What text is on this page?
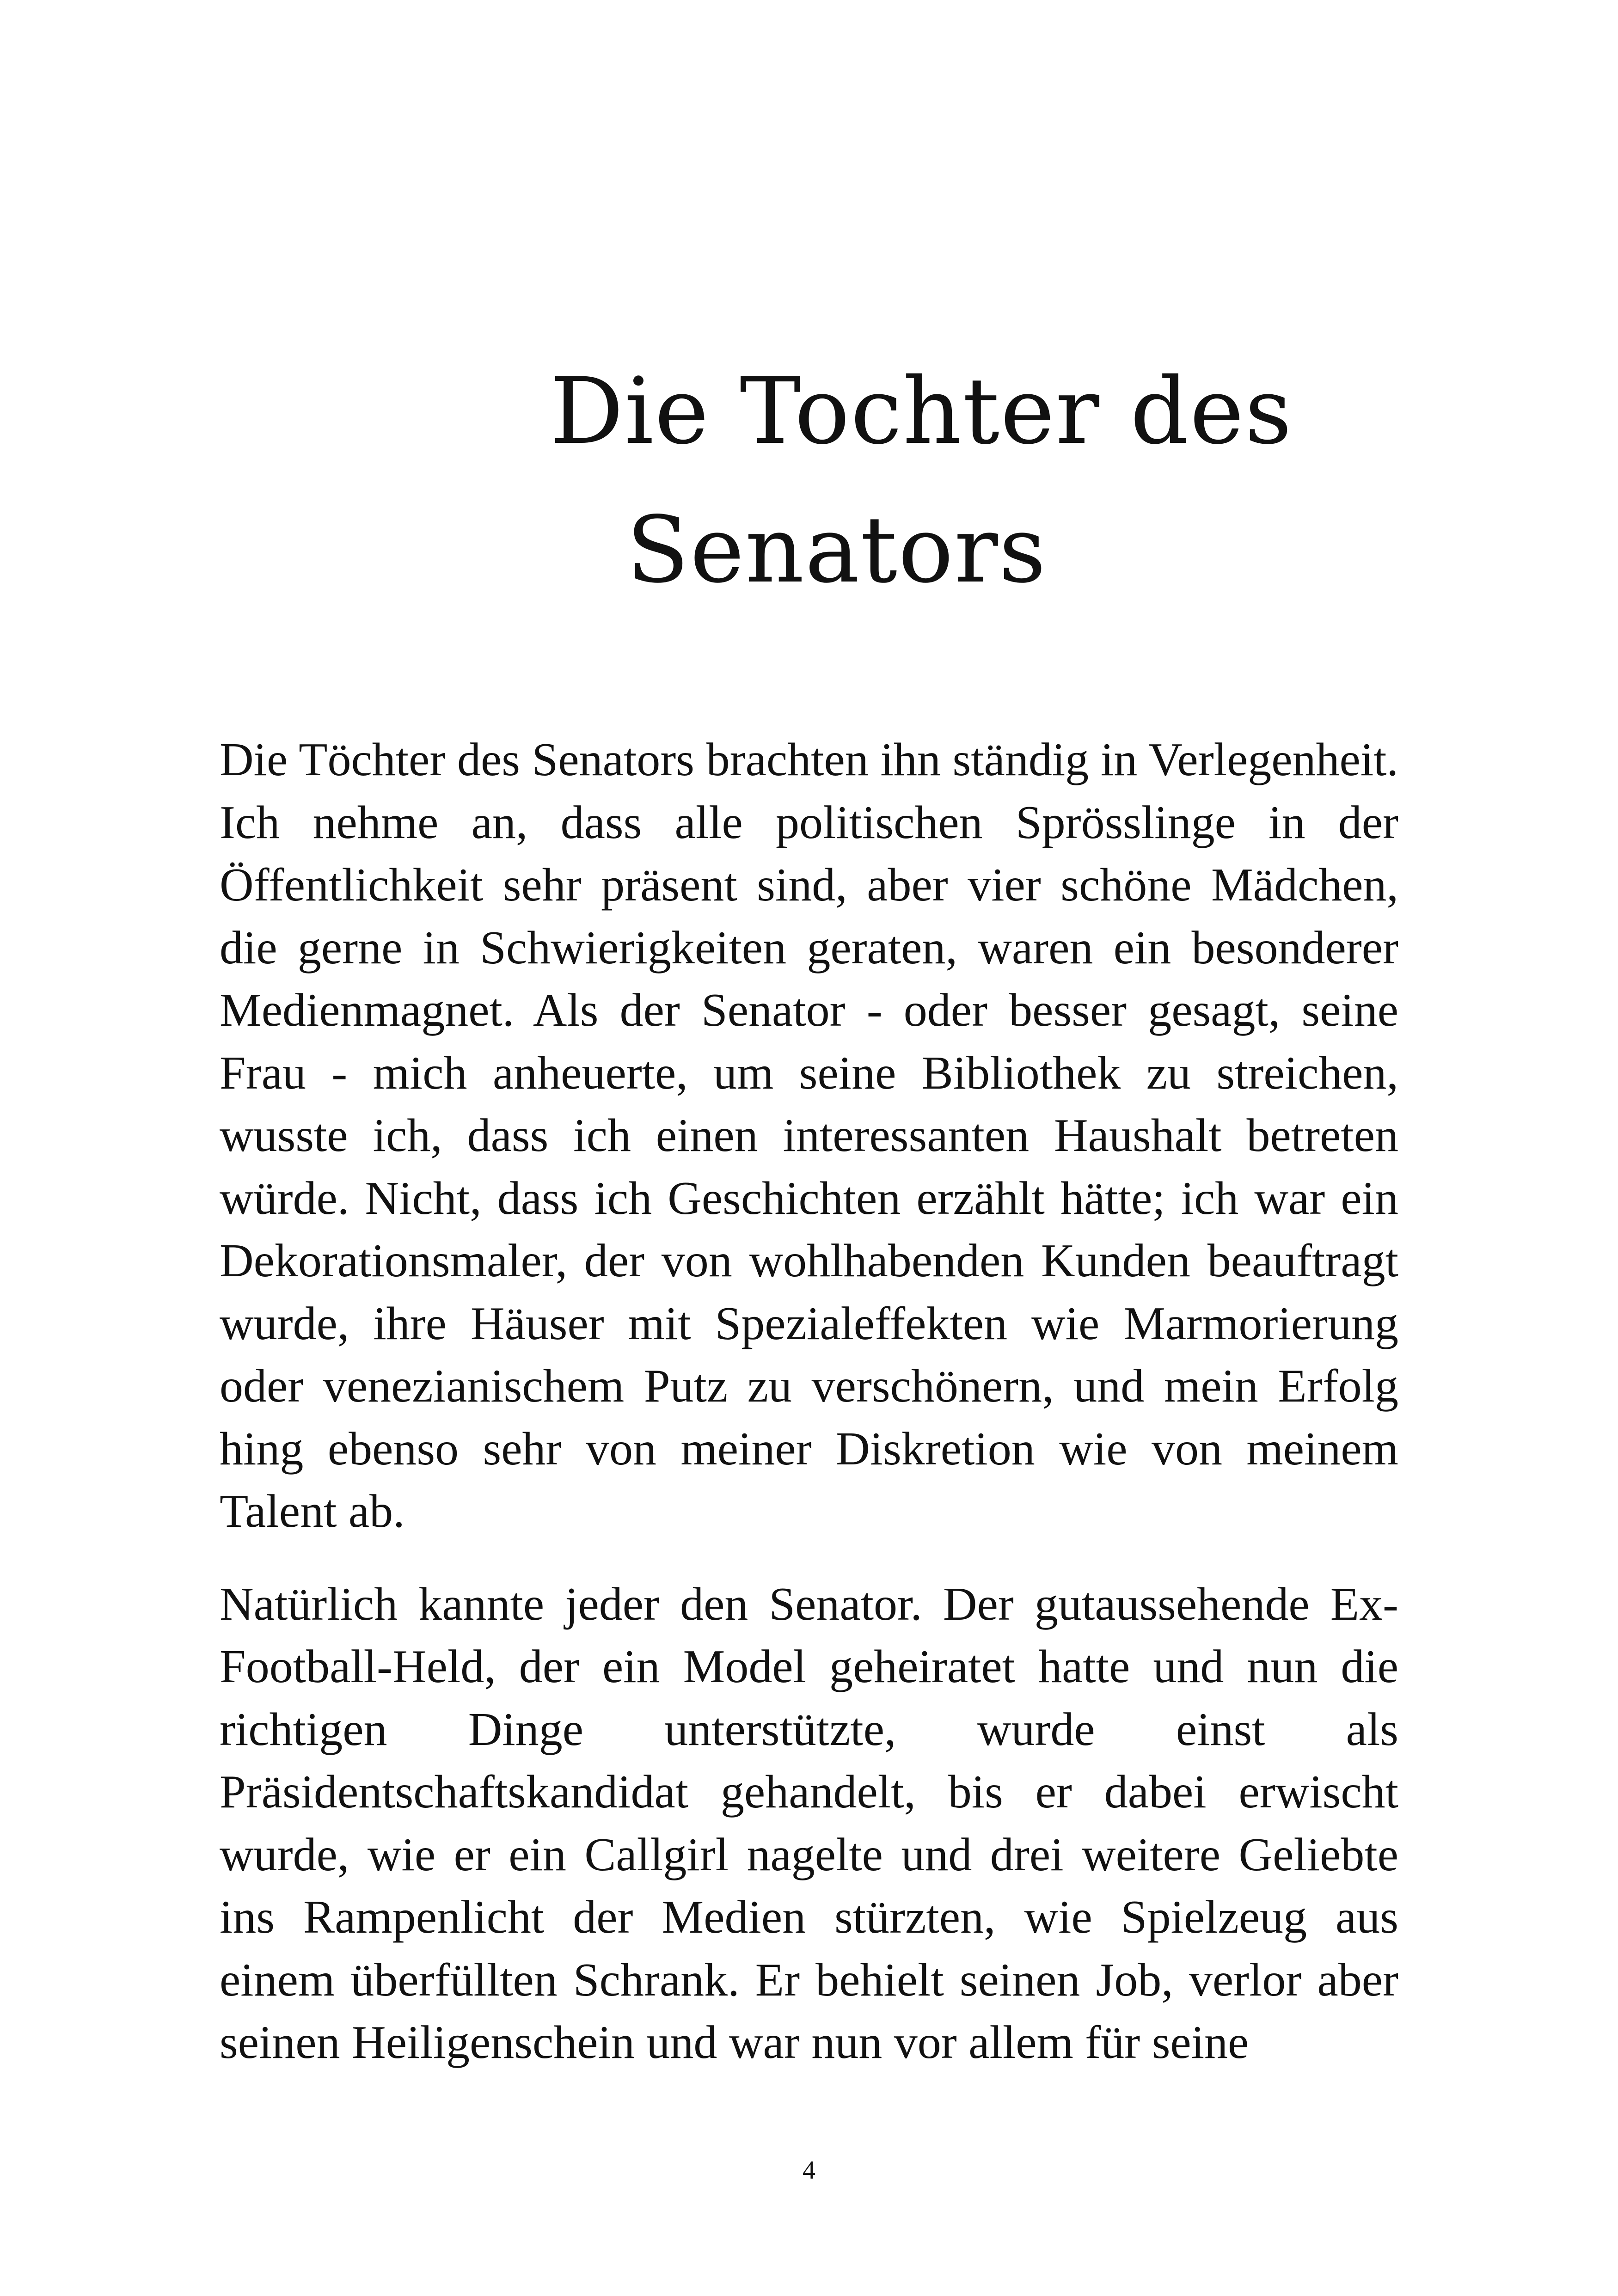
Die Tochter des
Senators

Die Töchter des Senators brachten ihn ständig in Verlegenheit. Ich nehme an, dass alle politischen Sprösslinge in der Öffentlichkeit sehr präsent sind, aber vier schöne Mädchen, die gerne in Schwierigkeiten geraten, waren ein besonderer Medienmagnet. Als der Senator - oder besser gesagt, seine Frau - mich anheuerte, um seine Bibliothek zu streichen, wusste ich, dass ich einen interessanten Haushalt betreten würde. Nicht, dass ich Geschichten erzählt hätte; ich war ein Dekorationsmaler, der von wohlhabenden Kunden beauftragt wurde, ihre Häuser mit Spezialeffekten wie Marmorierung oder venezianischem Putz zu verschönern, und mein Erfolg hing ebenso sehr von meiner Diskretion wie von meinem Talent ab.

Natürlich kannte jeder den Senator. Der gutaussehende Ex-Football-Held, der ein Model geheiratet hatte und nun die richtigen Dinge unterstützte, wurde einst als Präsidentschaftskandidat gehandelt, bis er dabei erwischt wurde, wie er ein Callgirl nagelte und drei weitere Geliebte ins Rampenlicht der Medien stürzten, wie Spielzeug aus einem überfüllten Schrank. Er behielt seinen Job, verlor aber seinen Heiligenschein und war nun vor allem für seine

4
